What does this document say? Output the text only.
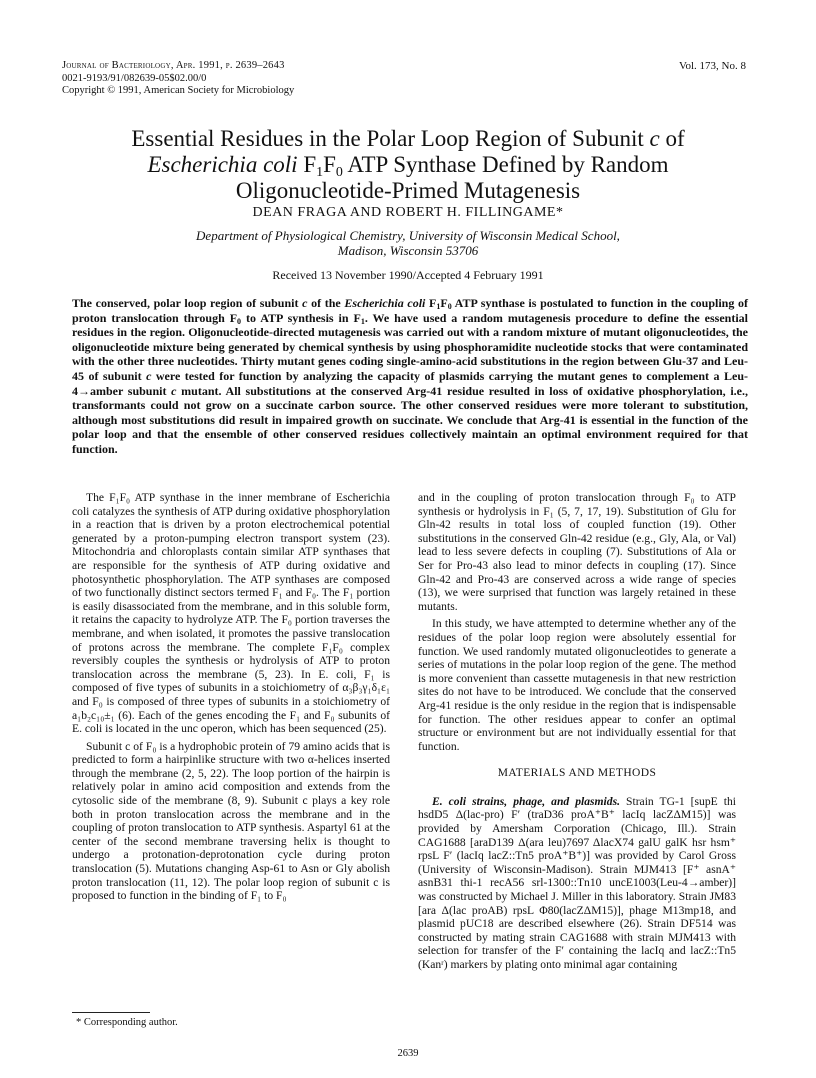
Journal of Bacteriology, Apr. 1991, p. 2639–2643
0021-9193/91/082639-05$02.00/0
Copyright © 1991, American Society for Microbiology
Vol. 173, No. 8
Essential Residues in the Polar Loop Region of Subunit c of
Escherichia coli $F_1F_0$ ATP Synthase Defined by Random Oligonucleotide-Primed Mutagenesis
DEAN FRAGA AND ROBERT H. FILLINGAME*
Department of Physiological Chemistry, University of Wisconsin Medical School,
Madison, Wisconsin 53706
Received 13 November 1990/Accepted 4 February 1991
The conserved, polar loop region of subunit c of the Escherichia coli $F_1F_0$ ATP synthase is postulated to function in the coupling of proton translocation through $F_0$ to ATP synthesis in $F_1$. We have used a random mutagenesis procedure to define the essential residues in the region. Oligonucleotide-directed mutagenesis was carried out with a random mixture of mutant oligonucleotides, the oligonucleotide mixture being generated by chemical synthesis by using phosphoramidite nucleotide stocks that were contaminated with the other three nucleotides. Thirty mutant genes coding single-amino-acid substitutions in the region between Glu-37 and Leu-45 of subunit c were tested for function by analyzing the capacity of plasmids carrying the mutant genes to complement a Leu-4→amber subunit c mutant. All substitutions at the conserved Arg-41 residue resulted in loss of oxidative phosphorylation, i.e., transformants could not grow on a succinate carbon source. The other conserved residues were more tolerant to substitution, although most substitutions did result in impaired growth on succinate. We conclude that Arg-41 is essential in the function of the polar loop and that the ensemble of other conserved residues collectively maintain an optimal environment required for that function.

The F₁F₀ ATP synthase in the inner membrane of Escherichia coli catalyzes the synthesis of ATP during oxidative phosphorylation in a reaction that is driven by a proton electrochemical potential generated by a proton-pumping electron transport system (23). Mitochondria and chloroplasts contain similar ATP synthases that are responsible for the synthesis of ATP during oxidative and photosynthetic phosphorylation. The ATP synthases are composed of two functionally distinct sectors termed F₁ and F₀. The F₁ portion is easily disassociated from the membrane, and in this soluble form, it retains the capacity to hydrolyze ATP. The F₀ portion traverses the membrane, and when isolated, it promotes the passive translocation of protons across the membrane. The complete F₁F₀ complex reversibly couples the synthesis or hydrolysis of ATP to proton translocation across the membrane (5, 23). In E. coli, F₁ is composed of five types of subunits in a stoichiometry of α₃β₃γ₁δ₁ε₁ and F₀ is composed of three types of subunits in a stoichiometry of a₁b₂c₁₀±₁ (6). Each of the genes encoding the F₁ and F₀ subunits of E. coli is located in the unc operon, which has been sequenced (25).

Subunit c of F₀ is a hydrophobic protein of 79 amino acids that is predicted to form a hairpinlike structure with two α-helices inserted through the membrane (2, 5, 22). The loop portion of the hairpin is relatively polar in amino acid composition and extends from the cytosolic side of the membrane (8, 9). Subunit c plays a key role both in proton translocation across the membrane and in the coupling of proton translocation to ATP synthesis. Aspartyl 61 at the center of the second membrane traversing helix is thought to undergo a protonation-deprotonation cycle during proton translocation (5). Mutations changing Asp-61 to Asn or Gly abolish proton translocation (11, 12). The polar loop region of subunit c is proposed to function in the binding of F₁ to F₀

and in the coupling of proton translocation through F₀ to ATP synthesis or hydrolysis in F₁ (5, 7, 17, 19). Substitution of Glu for Gln-42 results in total loss of coupled function (19). Other substitutions in the conserved Gln-42 residue (e.g., Gly, Ala, or Val) lead to less severe defects in coupling (7). Substitutions of Ala or Ser for Pro-43 also lead to minor defects in coupling (17). Since Gln-42 and Pro-43 are conserved across a wide range of species (13), we were surprised that function was largely retained in these mutants.

In this study, we have attempted to determine whether any of the residues of the polar loop region were absolutely essential for function. We used randomly mutated oligonucleotides to generate a series of mutations in the polar loop region of the gene. The method is more convenient than cassette mutagenesis in that new restriction sites do not have to be introduced. We conclude that the conserved Arg-41 residue is the only residue in the region that is indispensable for function. The other residues appear to confer an optimal structure or environment but are not individually essential for that function.

MATERIALS AND METHODS

E. coli strains, phage, and plasmids. Strain TG-1 [supE thi hsdD5 Δ(lac-pro) F′ (traD36 proA⁺B⁺ lacIq lacZΔM15)] was provided by Amersham Corporation (Chicago, Ill.). Strain CAG1688 [araD139 Δ(ara leu)7697 ΔlacX74 galU galK hsr hsm⁺ rpsL F′ (lacIq lacZ::Tn5 proA⁺B⁺)] was provided by Carol Gross (University of Wisconsin-Madison). Strain MJM413 [F⁺ asnA⁺ asnB31 thi-1 recA56 srl-1300::Tn10 uncE1003(Leu-4→amber)] was constructed by Michael J. Miller in this laboratory. Strain JM83 [ara Δ(lac proAB) rpsL Φ80(lacZΔM15)], phage M13mp18, and plasmid pUC18 are described elsewhere (26). Strain DF514 was constructed by mating strain CAG1688 with strain MJM413 with selection for transfer of the F′ containing the lacIq and lacZ::Tn5 (Kanʳ) markers by plating onto minimal agar containing

* Corresponding author.
2639
